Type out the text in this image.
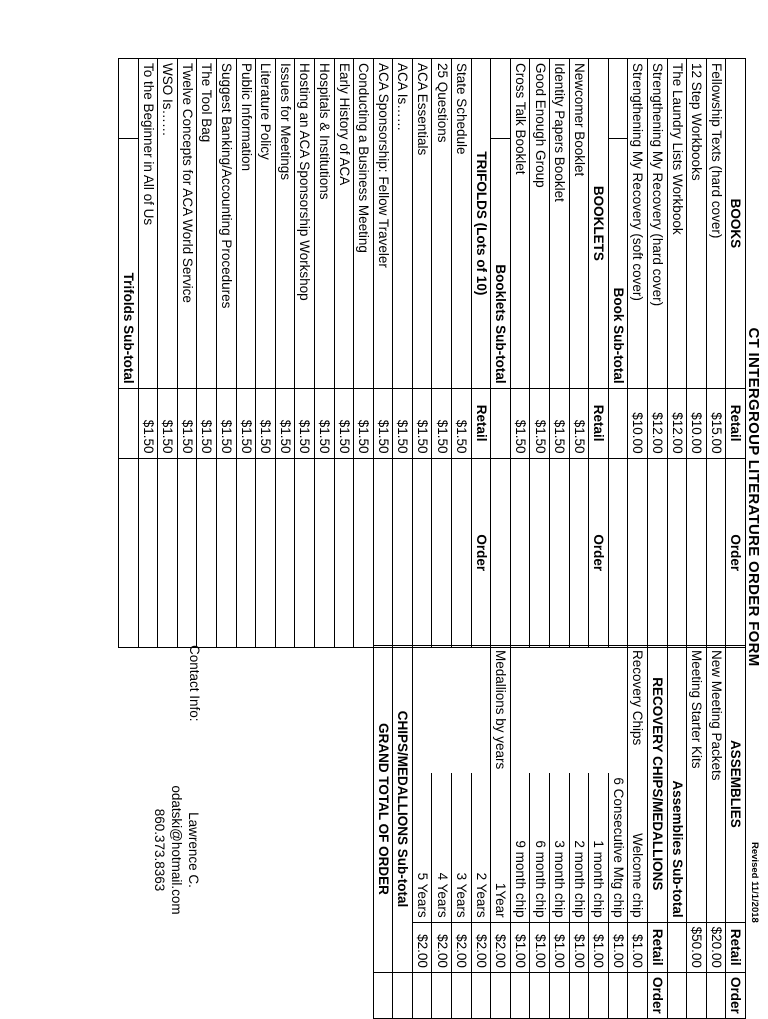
CT INTERGROUP LITERATURE ORDER FORM
Revised 11/1/2018
BOOKS		Retail	Order
Fellowship Texts (hard cover)		$15.00	
12 Step Workbooks		$10.00	
The Laundry Lists Workbook		$12.00	
Strengthening My Recovery (hard cover)		$12.00	
Strengthening My Recovery (soft cover)		$10.00	
	Book Sub-total		
BOOKLETS		Retail	Order
Newcomer Booklet		$1.50	
Identity Papers Booklet		$1.50	
Good Enough Group		$1.50	
Cross Talk Booklet		$1.50	
	Booklets Sub-total		
TRIFOLDS (Lots of 10)		Retail	Order
State Schedule		$1.50	
25 Questions		$1.50	
ACA Essentials		$1.50	
ACA Is……		$1.50	
ACA Sponsorship: Fellow Traveler		$1.50	
Conducting a Business Meeting		$1.50	
Early History of ACA		$1.50	
Hospitals & Institutions		$1.50	
Hosting an ACA Sponsorship Workshop		$1.50	
Issues for Meetings		$1.50	
Literature Policy		$1.50	
Public Information		$1.50	
Suggest Banking/Accounting Procedures		$1.50	
The Tool Bag		$1.50	
Twelve Concepts for ACA World Service		$1.50	
WSO Is……		$1.50	
To the Beginner in All of Us		$1.50	
	Trifolds Sub-total		
ASSEMBLIES		Retail	Order
New Meeting Packets		$20.00	
Meeting Starter Kits		$50.00	
Assemblies Sub-total			
RECOVERY CHIPS/MEDALLIONS		Retail	Order
Recovery Chips	Welcome chip	$1.00	
	6 Consecutive Mtg chip	$1.00	
	1 month chip	$1.00	
	2 month chip	$1.00	
	3 month chip	$1.00	
	6 month chip	$1.00	
	9 month chip	$1.00	
Medallions by years	1Year	$2.00	
	2 Years	$2.00	
	3 Years	$2.00	
	4 Years	$2.00	
	5 Years	$2.00	
CHIPS/MEDALLIONS Sub-total			
GRAND TOTAL OF ORDER			
Contact Info:
Lawrence C.
odatski@hotmail.com
860.373.8363
